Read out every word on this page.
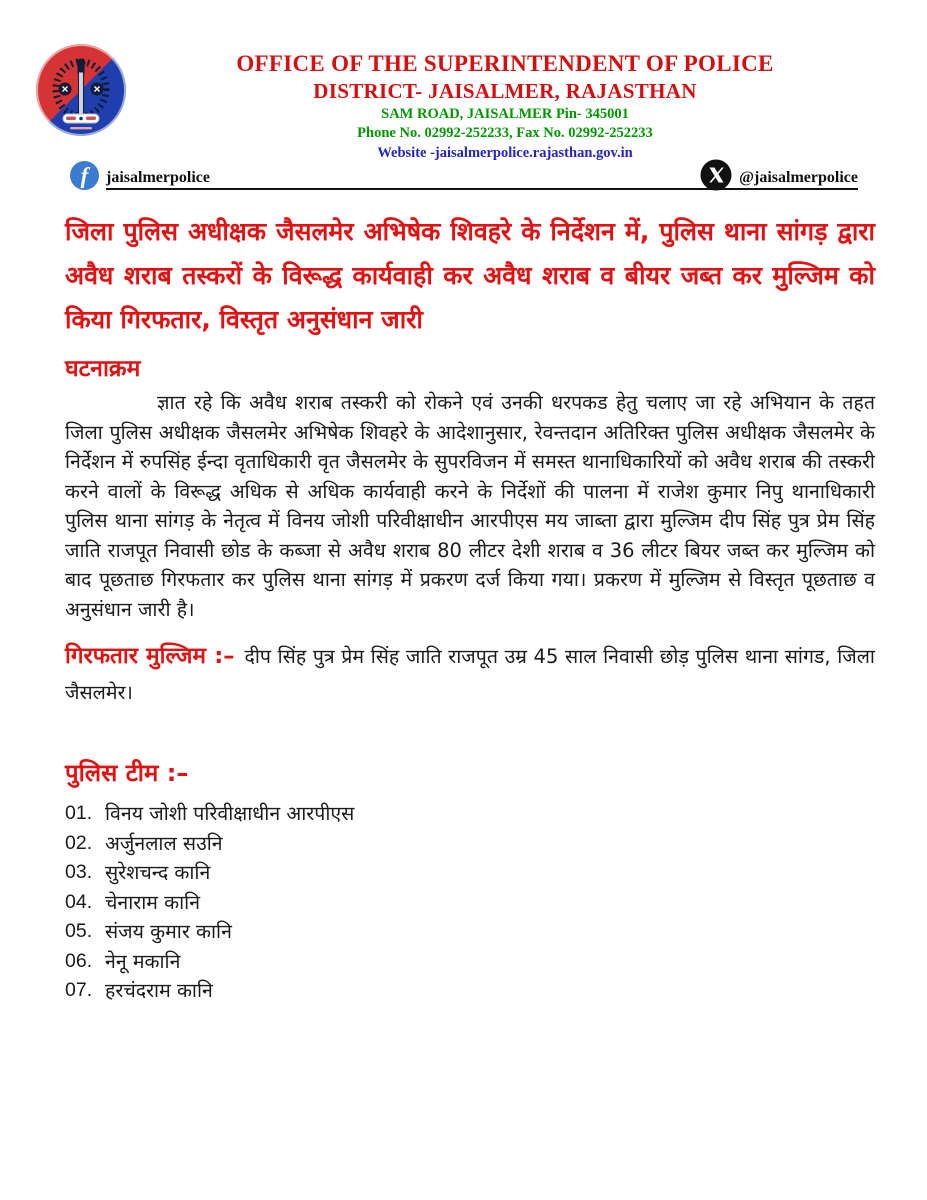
OFFICE OF THE SUPERINTENDENT OF POLICE
DISTRICT- JAISALMER, RAJASTHAN
SAM ROAD, JAISALMER Pin- 345001
Phone No. 02992-252233, Fax No. 02992-252233
Website -jaisalmerpolice.rajasthan.gov.in
f	jaisalmerpolice	@jaisalmerpolice
जिला पुलिस अधीक्षक जैसलमेर अभिषेक शिवहरे के निर्देशन में, पुलिस थाना सांगड़ द्वारा
अवैध शराब तस्करों के विरूद्ध कार्यवाही कर अवैध शराब व बीयर जब्त कर मुल्जिम को
किया गिरफतार, विस्तृत अनुसंधान जारी
घटनाक्रम

ज्ञात रहे कि अवैध शराब तस्करी को रोकने एवं उनकी धरपकड हेतु चलाए जा रहे अभियान के तहत जिला पुलिस अधीक्षक जैसलमेर अभिषेक शिवहरे के आदेशानुसार, रेवन्तदान अतिरिक्त पुलिस अधीक्षक जैसलमेर के निर्देशन में रुपसिंह ईन्दा वृताधिकारी वृत जैसलमेर के सुपरविजन में समस्त थानाधिकारियों को अवैध शराब की तस्करी करने वालों के विरूद्ध अधिक से अधिक कार्यवाही करने के निर्देशों की पालना में राजेश कुमार निपु थानाधिकारी पुलिस थाना सांगड़ के नेतृत्व में विनय जोशी परिवीक्षाधीन आरपीएस मय जाब्ता द्वारा मुल्जिम दीप सिंह पुत्र प्रेम सिंह जाति राजपूत निवासी छोड के कब्जा से अवैध शराब 80 लीटर देशी शराब व 36 लीटर बियर जब्त कर मुल्जिम को बाद पूछताछ गिरफतार कर पुलिस थाना सांगड़ में प्रकरण दर्ज किया गया। प्रकरण में मुल्जिम से विस्तृत पूछताछ व अनुसंधान जारी है।

गिरफतार मुल्जिम :– दीप सिंह पुत्र प्रेम सिंह जाति राजपूत उम्र 45 साल निवासी छोड़ पुलिस थाना सांगड, जिला जैसलमेर।

पुलिस टीम :–
01. विनय जोशी परिवीक्षाधीन आरपीएस
02. अर्जुनलाल सउनि
03. सुरेशचन्द कानि
04. चेनाराम कानि
05. संजय कुमार कानि
06. नेनू मकानि
07. हरचंदराम कानि
